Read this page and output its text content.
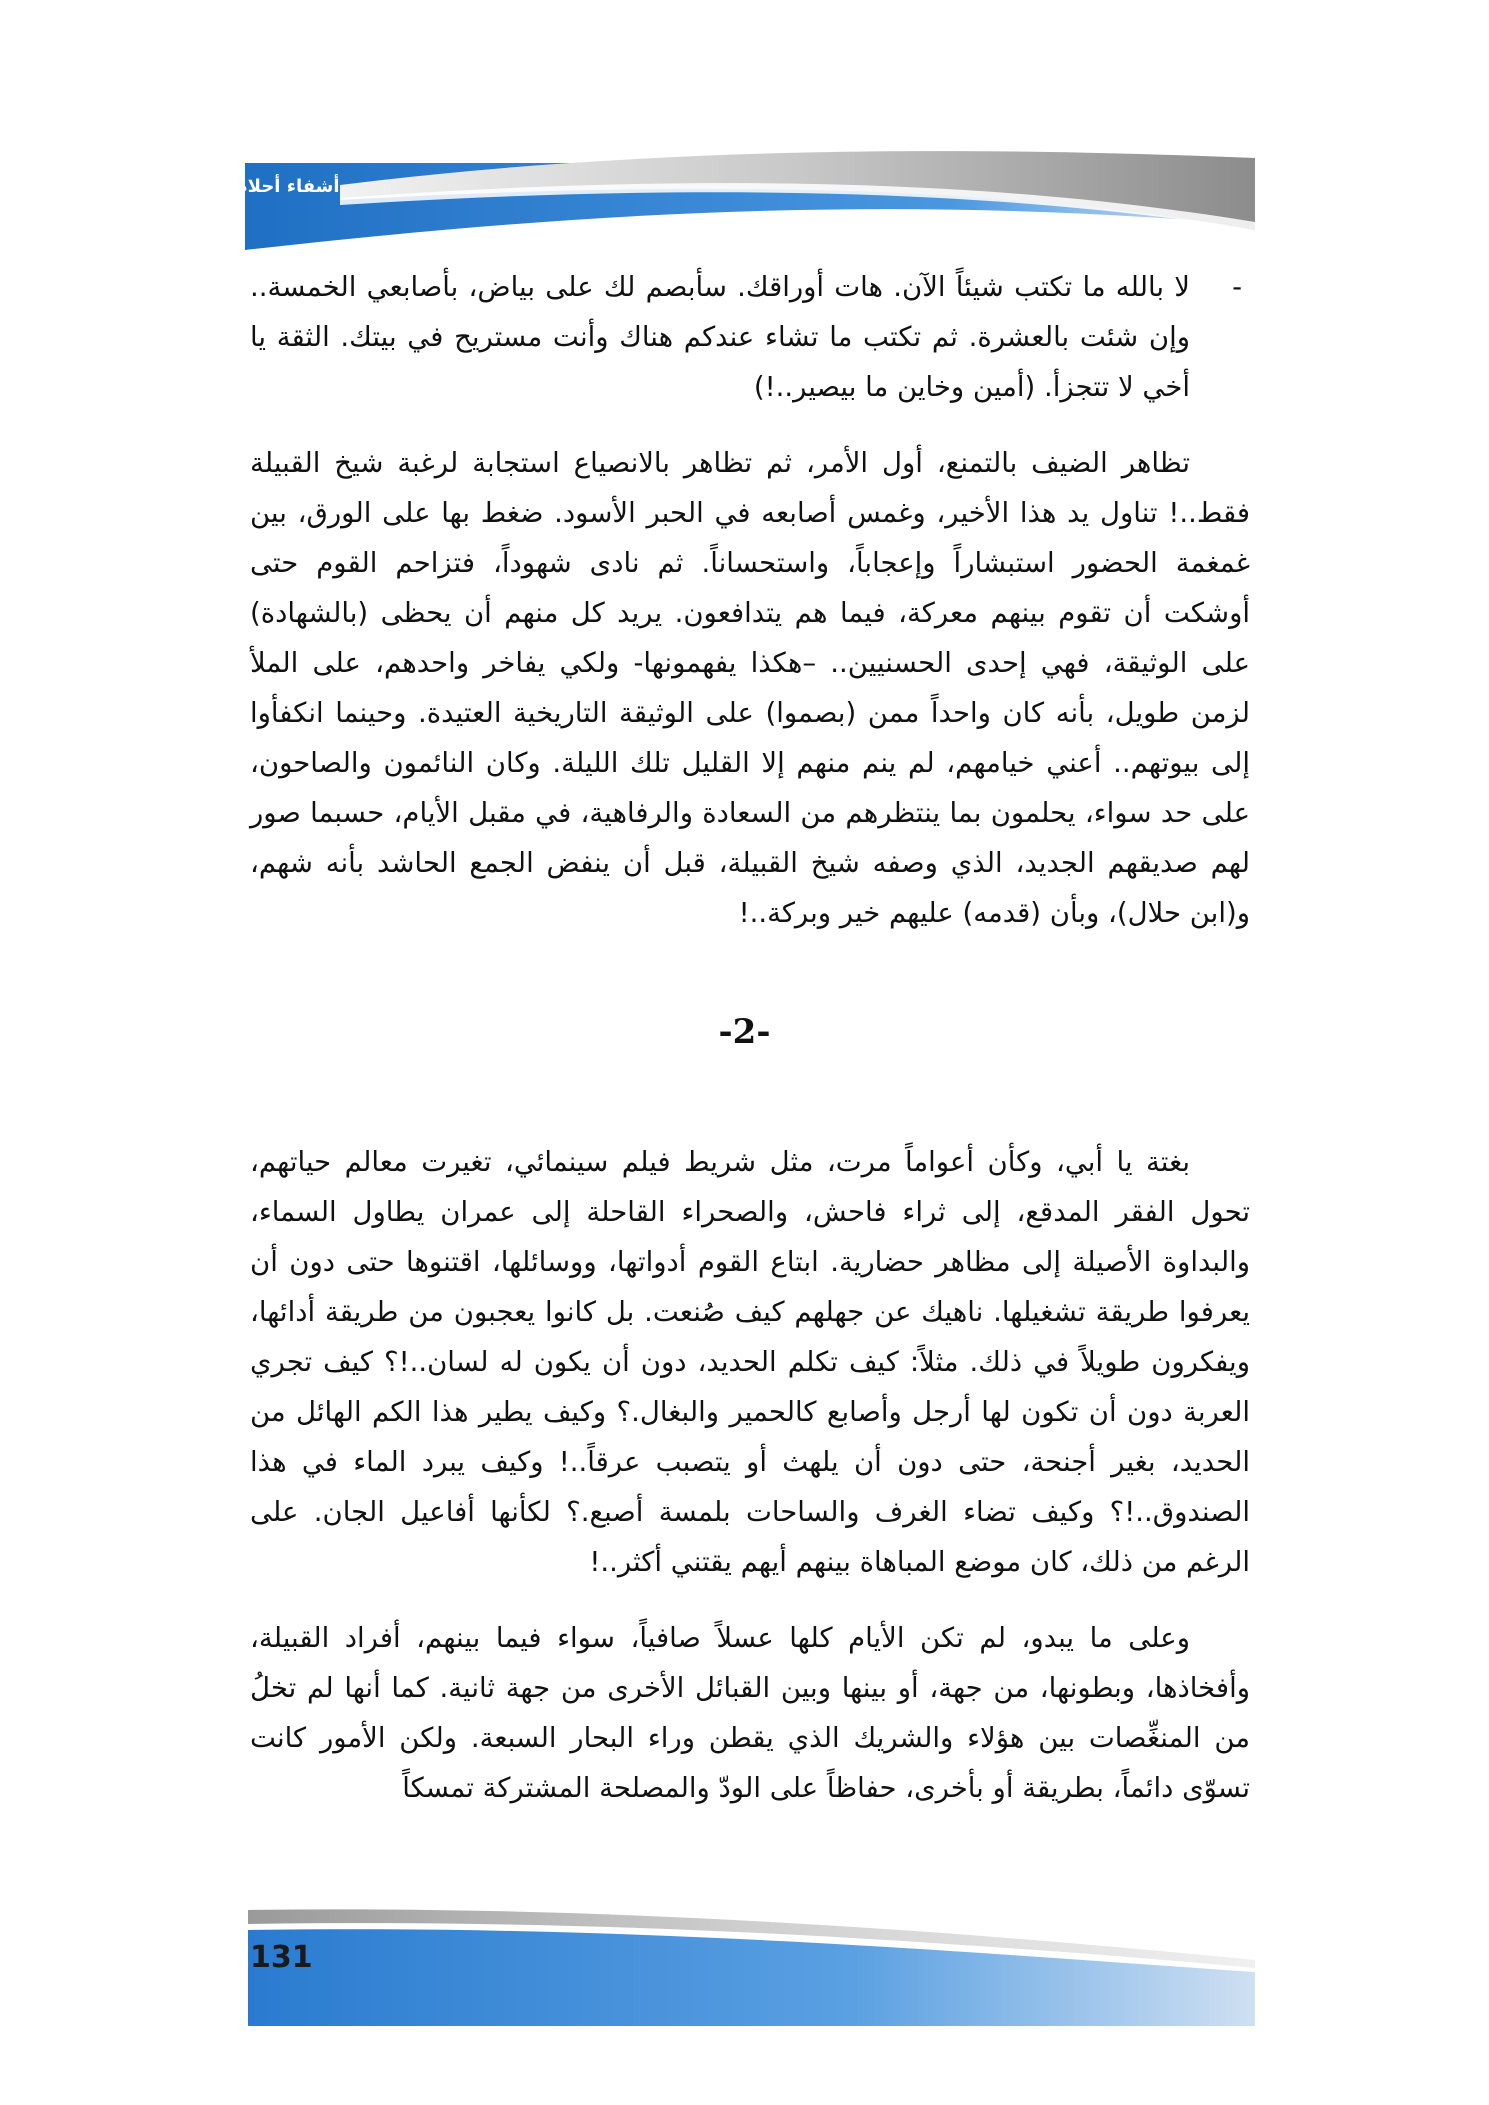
أشفاء أحلام

-
لا بالله ما تكتب شيئاً الآن. هات أوراقك. سأبصم لك على بياض، بأصابعي الخمسة.. وإن شئت بالعشرة. ثم تكتب ما تشاء عندكم هناك وأنت مستريح في بيتك. الثقة يا أخي لا تتجزأ. (أمين وخاين ما بيصير..!)

تظاهر الضيف بالتمنع، أول الأمر، ثم تظاهر بالانصياع استجابة لرغبة شيخ القبيلة فقط..! تناول يد هذا الأخير، وغمس أصابعه في الحبر الأسود. ضغط بها على الورق، بين غمغمة الحضور استبشاراً وإعجاباً، واستحساناً. ثم نادى شهوداً، فتزاحم القوم حتى أوشكت أن تقوم بينهم معركة، فيما هم يتدافعون. يريد كل منهم أن يحظى (بالشهادة) على الوثيقة، فهي إحدى الحسنيين.. –هكذا يفهمونها- ولكي يفاخر واحدهم، على الملأ لزمن طويل، بأنه كان واحداً ممن (بصموا) على الوثيقة التاريخية العتيدة. وحينما انكفأوا إلى بيوتهم.. أعني خيامهم، لم ينم منهم إلا القليل تلك الليلة. وكان النائمون والصاحون، على حد سواء، يحلمون بما ينتظرهم من السعادة والرفاهية، في مقبل الأيام، حسبما صور لهم صديقهم الجديد، الذي وصفه شيخ القبيلة، قبل أن ينفض الجمع الحاشد بأنه شهم، و(ابن حلال)، وبأن (قدمه) عليهم خير وبركة..!

-2-

بغتة يا أبي، وكأن أعواماً مرت، مثل شريط فيلم سينمائي، تغيرت معالم حياتهم، تحول الفقر المدقع، إلى ثراء فاحش، والصحراء القاحلة إلى عمران يطاول السماء، والبداوة الأصيلة إلى مظاهر حضارية. ابتاع القوم أدواتها، ووسائلها، اقتنوها حتى دون أن يعرفوا طريقة تشغيلها. ناهيك عن جهلهم كيف صُنعت. بل كانوا يعجبون من طريقة أدائها، ويفكرون طويلاً في ذلك. مثلاً: كيف تكلم الحديد، دون أن يكون له لسان..!؟ كيف تجري العربة دون أن تكون لها أرجل وأصابع كالحمير والبغال.؟ وكيف يطير هذا الكم الهائل من الحديد، بغير أجنحة، حتى دون أن يلهث أو يتصبب عرقاً..! وكيف يبرد الماء في هذا الصندوق..!؟ وكيف تضاء الغرف والساحات بلمسة أصبع.؟ لكأنها أفاعيل الجان. على الرغم من ذلك، كان موضع المباهاة بينهم أيهم يقتني أكثر..!

وعلى ما يبدو، لم تكن الأيام كلها عسلاً صافياً، سواء فيما بينهم، أفراد القبيلة، وأفخاذها، وبطونها، من جهة، أو بينها وبين القبائل الأخرى من جهة ثانية. كما أنها لم تخلُ من المنغِّصات بين هؤلاء والشريك الذي يقطن وراء البحار السبعة. ولكن الأمور كانت تسوّى دائماً، بطريقة أو بأخرى، حفاظاً على الودّ والمصلحة المشتركة تمسكاً

131
